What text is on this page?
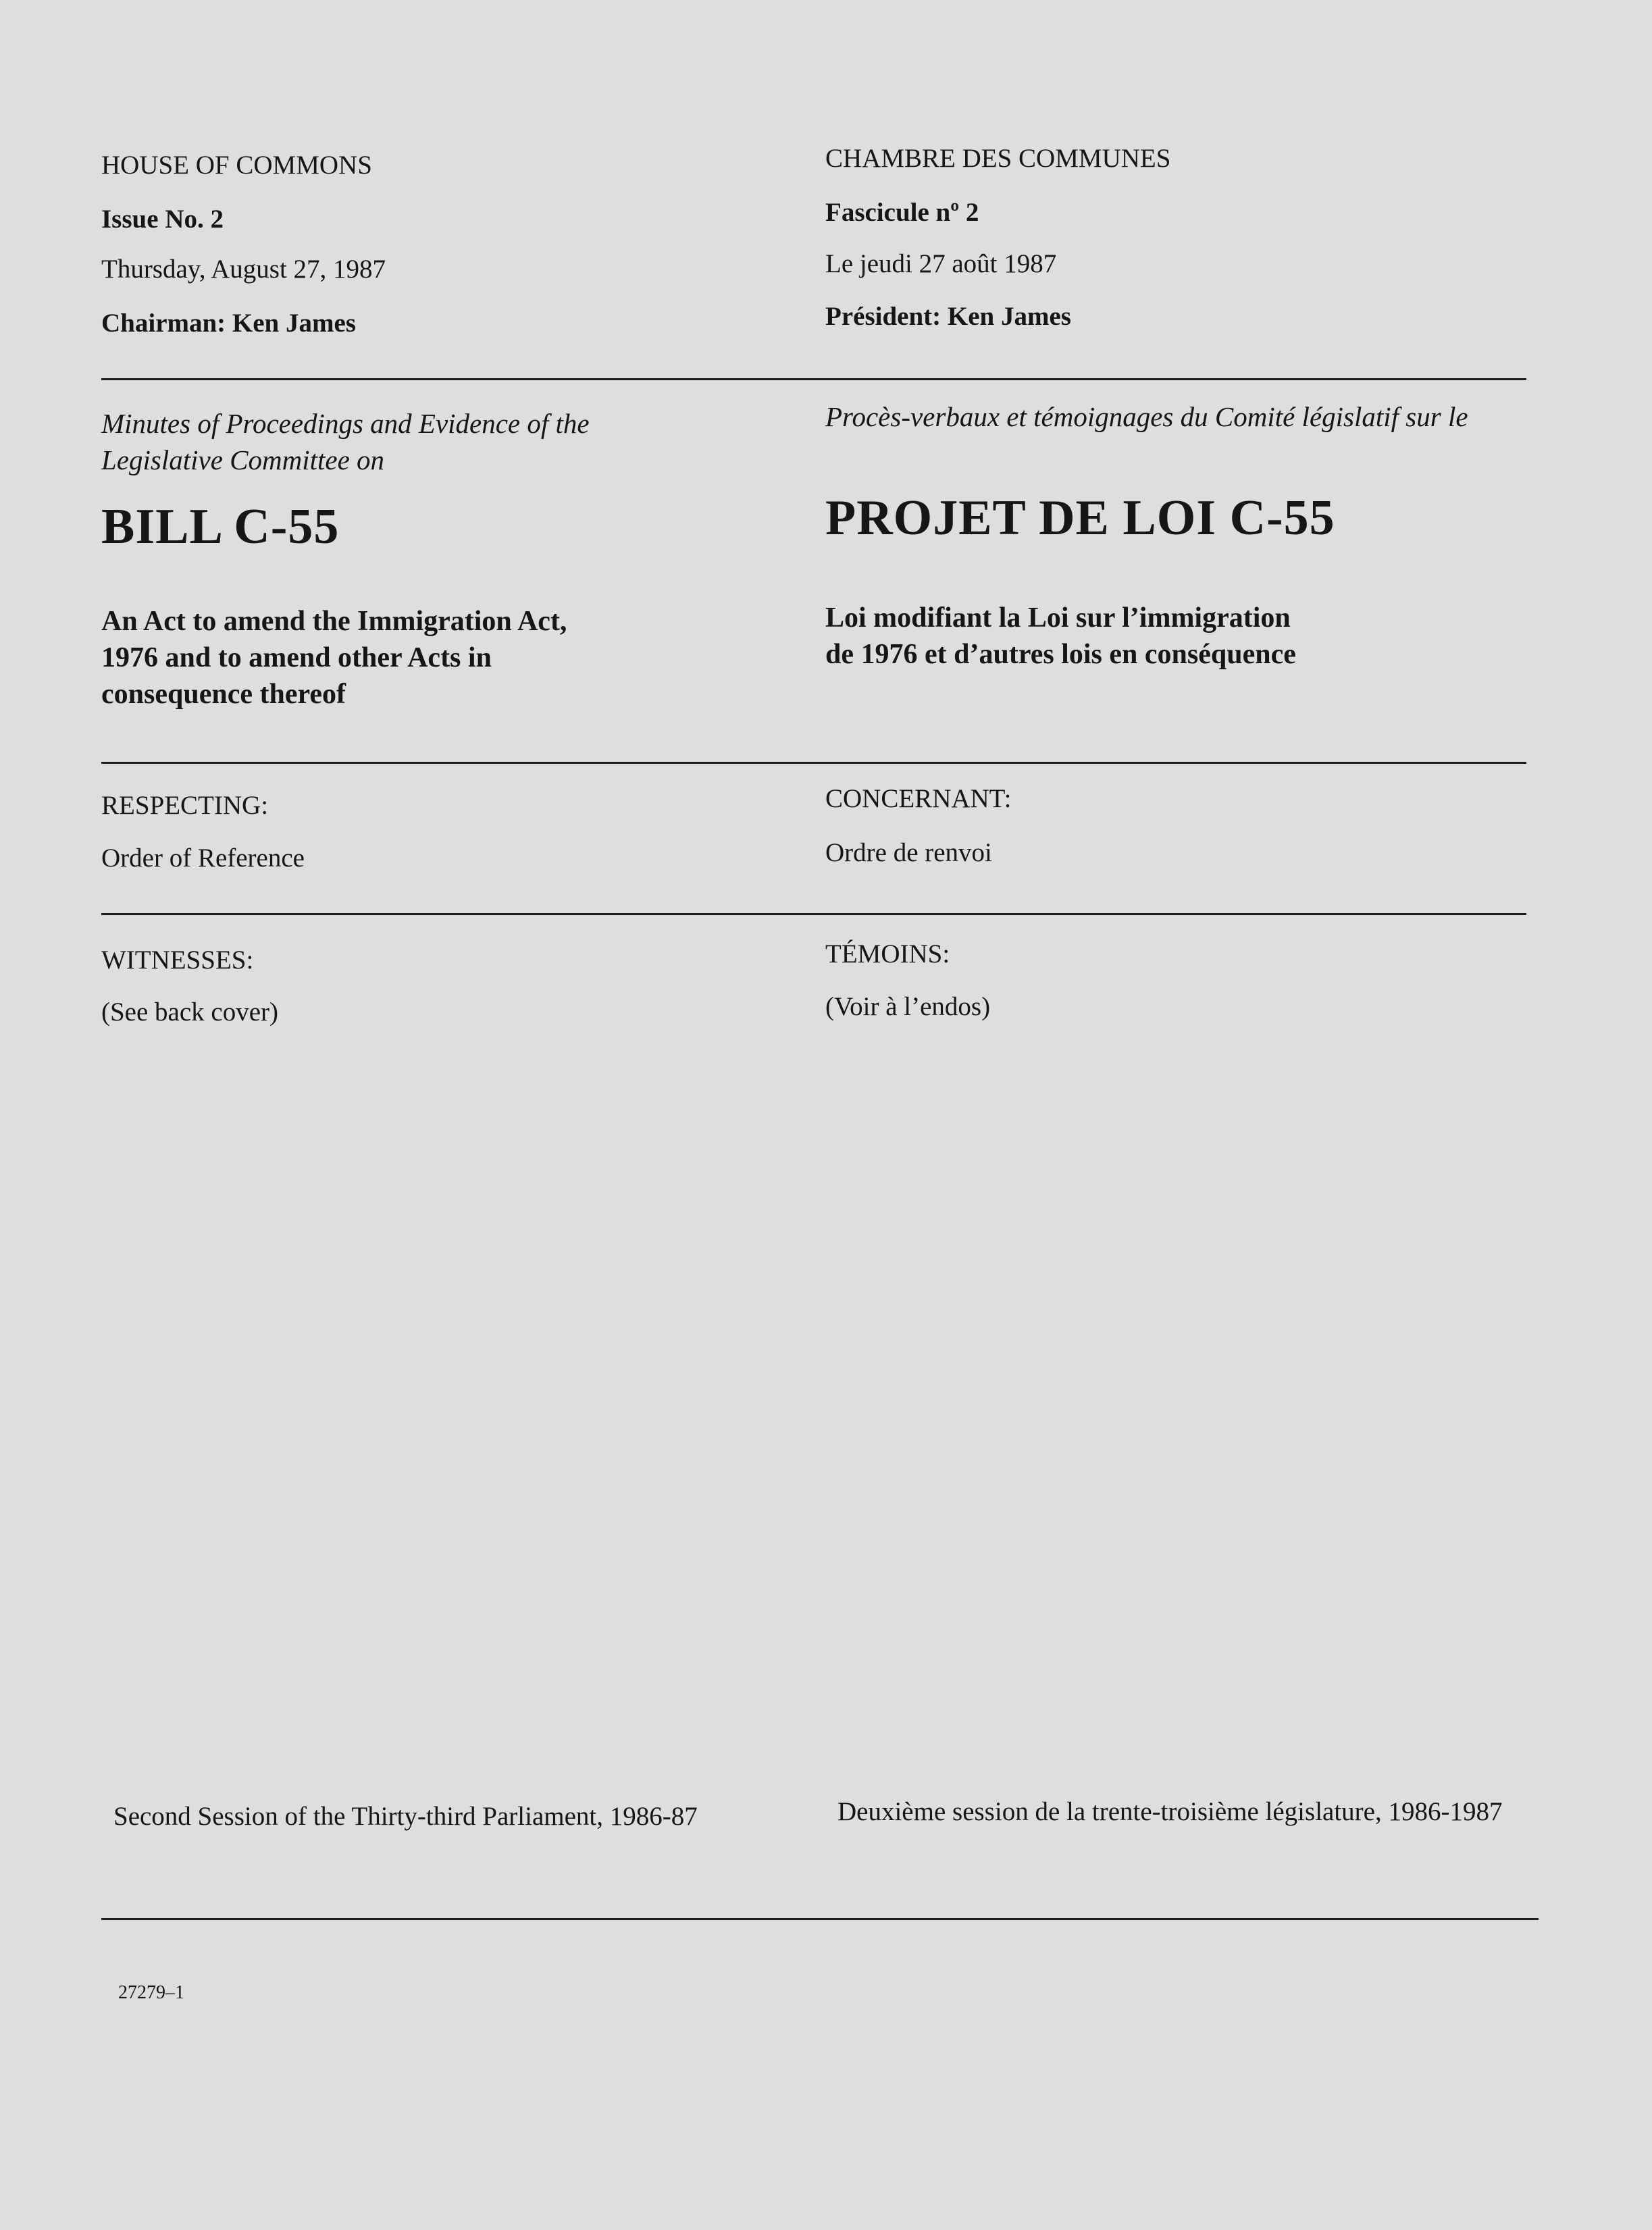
HOUSE OF COMMONS	CHAMBRE DES COMMUNES
Issue No. 2	Fascicule nº 2
Thursday, August 27, 1987	Le jeudi 27 août 1987
Chairman: Ken James	Président: Ken James
Minutes of Proceedings and Evidence of the Legislative Committee on
Procès-verbaux et témoignages du Comité législatif sur le
BILL C-55	PROJET DE LOI C-55
An Act to amend the Immigration Act, 1976 and to amend other Acts in consequence thereof
Loi modifiant la Loi sur l’immigration de 1976 et d’autres lois en conséquence
RESPECTING:	CONCERNANT:
Order of Reference	Ordre de renvoi
WITNESSES:	TÉMOINS:
(See back cover)	(Voir à l’endos)
Second Session of the Thirty-third Parliament, 1986-87	Deuxième session de la trente-troisième législature, 1986-1987
27279–1
